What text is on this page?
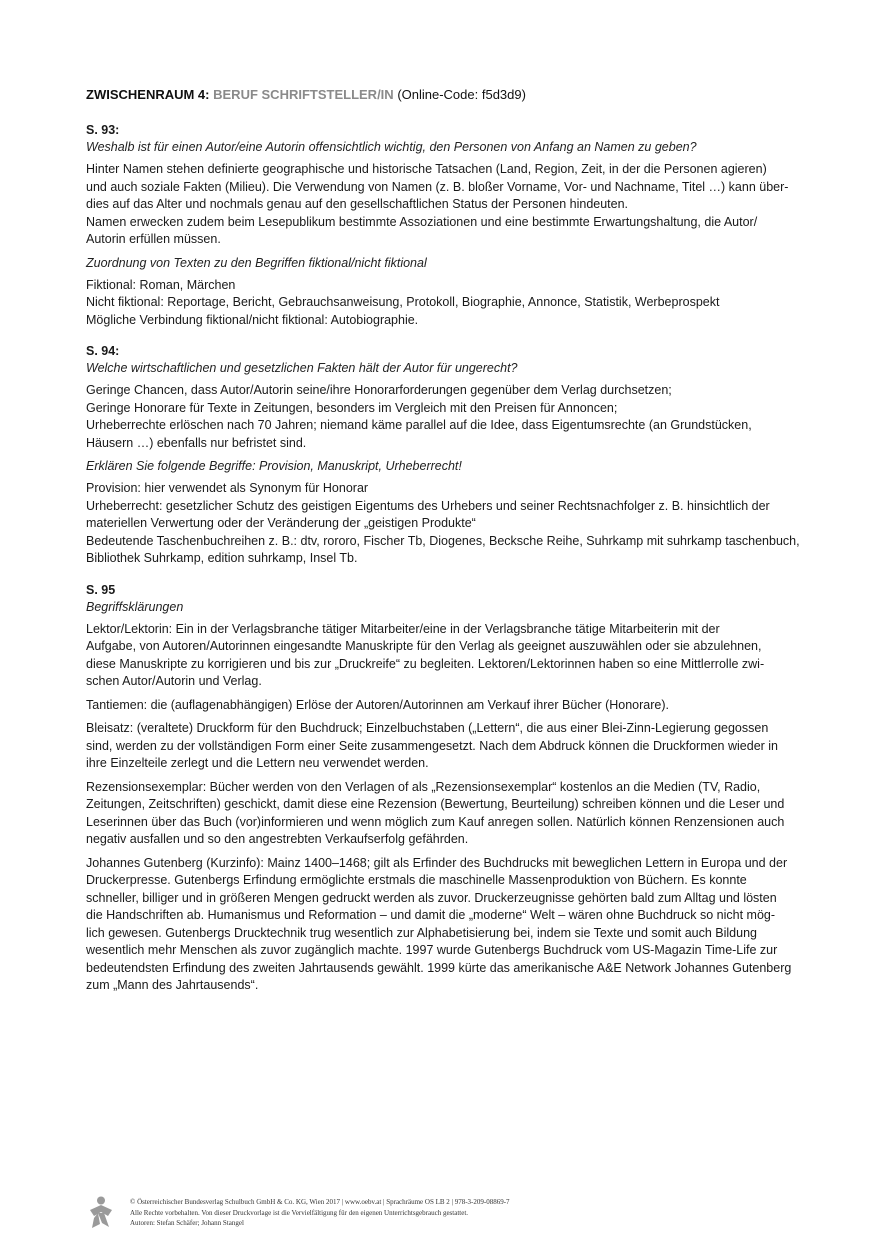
ZWISCHENRAUM 4: BERUF SCHRIFTSTELLER/IN (Online-Code: f5d3d9)
S. 93:
Weshalb ist für einen Autor/eine Autorin offensichtlich wichtig, den Personen von Anfang an Namen zu geben?
Hinter Namen stehen definierte geographische und historische Tatsachen (Land, Region, Zeit, in der die Personen agieren)
und auch soziale Fakten (Milieu). Die Verwendung von Namen (z. B. bloßer Vorname, Vor- und Nachname, Titel …) kann über-
dies auf das Alter und nochmals genau auf den gesellschaftlichen Status der Personen hindeuten.
Namen erwecken zudem beim Lesepublikum bestimmte Assoziationen und eine bestimmte Erwartungshaltung, die Autor/
Autorin erfüllen müssen.
Zuordnung von Texten zu den Begriffen fiktional/nicht fiktional
Fiktional: Roman, Märchen
Nicht fiktional: Reportage, Bericht, Gebrauchsanweisung, Protokoll, Biographie, Annonce, Statistik, Werbeprospekt
Mögliche Verbindung fiktional/nicht fiktional: Autobiographie.
S. 94:
Welche wirtschaftlichen und gesetzlichen Fakten hält der Autor für ungerecht?
Geringe Chancen, dass Autor/Autorin seine/ihre Honorarforderungen gegenüber dem Verlag durchsetzen;
Geringe Honorare für Texte in Zeitungen, besonders im Vergleich mit den Preisen für Annoncen;
Urheberrechte erlöschen nach 70 Jahren; niemand käme parallel auf die Idee, dass Eigentumsrechte (an Grundstücken,
Häusern …) ebenfalls nur befristet sind.
Erklären Sie folgende Begriffe: Provision, Manuskript, Urheberrecht!
Provision: hier verwendet als Synonym für Honorar
Urheberrecht: gesetzlicher Schutz des geistigen Eigentums des Urhebers und seiner Rechtsnachfolger z. B. hinsichtlich der
materiellen Verwertung oder der Veränderung der „geistigen Produkte“
Bedeutende Taschenbuchreihen z. B.: dtv, rororo, Fischer Tb, Diogenes, Becksche Reihe, Suhrkamp mit suhrkamp taschenbuch,
Bibliothek Suhrkamp, edition suhrkamp, Insel Tb.
S. 95
Begriffsklärungen
Lektor/Lektorin: Ein in der Verlagsbranche tätiger Mitarbeiter/eine in der Verlagsbranche tätige Mitarbeiterin mit der
Aufgabe, von Autoren/Autorinnen eingesandte Manuskripte für den Verlag als geeignet auszuwählen oder sie abzulehnen,
diese Manuskripte zu korrigieren und bis zur „Druckreife“ zu begleiten. Lektoren/Lektorinnen haben so eine Mittlerrolle zwi-
schen Autor/Autorin und Verlag.
Tantiemen: die (auflagenabhängigen) Erlöse der Autoren/Autorinnen am Verkauf ihrer Bücher (Honorare).
Bleisatz: (veraltete) Druckform für den Buchdruck; Einzelbuchstaben („Lettern“, die aus einer Blei-Zinn-Legierung gegossen
sind, werden zu der vollständigen Form einer Seite zusammengesetzt. Nach dem Abdruck können die Druckformen wieder in
ihre Einzelteile zerlegt und die Lettern neu verwendet werden.
Rezensionsexemplar: Bücher werden von den Verlagen of als „Rezensionsexemplar“ kostenlos an die Medien (TV, Radio,
Zeitungen, Zeitschriften) geschickt, damit diese eine Rezension (Bewertung, Beurteilung) schreiben können und die Leser und
Leserinnen über das Buch (vor)informieren und wenn möglich zum Kauf anregen sollen. Natürlich können Renzensionen auch
negativ ausfallen und so den angestrebten Verkaufserfolg gefährden.
Johannes Gutenberg (Kurzinfo): Mainz 1400–1468; gilt als Erfinder des Buchdrucks mit beweglichen Lettern in Europa und der
Druckerpresse. Gutenbergs Erfindung ermöglichte erstmals die maschinelle Massenproduktion von Büchern. Es konnte
schneller, billiger und in größeren Mengen gedruckt werden als zuvor. Druckerzeugnisse gehörten bald zum Alltag und lösten
die Handschriften ab. Humanismus und Reformation – und damit die „moderne“ Welt – wären ohne Buchdruck so nicht mög-
lich gewesen. Gutenbergs Drucktechnik trug wesentlich zur Alphabetisierung bei, indem sie Texte und somit auch Bildung
wesentlich mehr Menschen als zuvor zugänglich machte. 1997 wurde Gutenbergs Buchdruck vom US-Magazin Time-Life zur
bedeutendsten Erfindung des zweiten Jahrtausends gewählt. 1999 kürte das amerikanische A&E Network Johannes Gutenberg
zum „Mann des Jahrtausends“.
© Österreichischer Bundesverlag Schulbuch GmbH & Co. KG, Wien 2017 | www.oebv.at | Sprachräume OS LB 2 | 978-3-209-08869-7
Alle Rechte vorbehalten. Von dieser Druckvorlage ist die Vervielfältigung für den eigenen Unterrichtsgebrauch gestattet.
Autoren: Stefan Schäfer; Johann Stangel
